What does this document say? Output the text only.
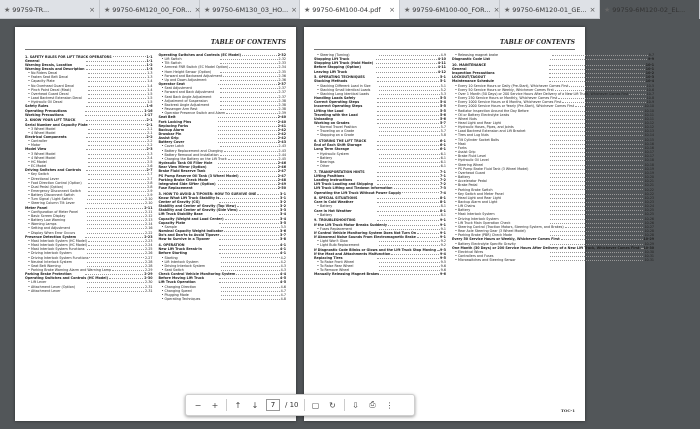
★ 99759-TR...	× ★ 99750-6M120_00_FOR... × ★ 99750-6M130_03_HO... × ★ 99750-6M100-04.pdf	× ★ 99759-6M100-00_FOR... × ★ 99750-6M120-01_GE... × ★ 99759-6M120-02_EL... ×
TABLE OF CONTENTS
1. SAFETY RULES FOR LIFT TRUCK OPERATORS	1-1
General	1-1
Warning Decals, Location	1-2
Warning Decals and Description	1-3
• No Riders Decal	1-3
• Fasten Seat Belt Decal	1-3
• Capacity Plate	1-4
• No Overhead Guard Decal	1-4
• Pinch Point Decal (Mast)	1-4
• Overhead Guard Decal	1-5
• Load Backrest Extension Decal	1-5
• Hydraulic Oil Decal	1-5
Safety Rules	1-6
Operating Precautions	1-16
Working Precautions	1-17
2. KNOW YOUR LIFT TRUCK	2-1
Serial Number and Capacity Plate	2-1
• 3 Wheel Model	2-1
• 4 Wheel Model	2-1
Electrical Components	2-2
• Controller	2-2
• Motor	2-2
Model View	2-3
• 3 Wheel Model	2-3
• 4 Wheel Model	2-4
• HC Model	2-5
• EC Model	2-6
Driving Switches and Controls	2-7
• Key Switch	2-7
• Directional Lever	2-7
• Foot Direction Control (Option)	2-8
• Dual Pedal (Option)	2-8
• Emergency Disconnect Switch	2-9
• Battery Disconnect Switch	2-9
• Turn Signal / Light Switch	2-10
• Steering Column Tilt Lever	2-10
Meter Panel	2-11
• Configuration of Meter Panel	2-11
• Basic Screen Display	2-12
• Battery Low Warning	2-13
• Warning Lamps	2-14
• Setting and Adjustment	2-16
• Display When Error Occurs	2-22
Presence Detection System	2-23
• Mast Interlock System (HC Model)	2-23
• Mast Interlock System (HC Model)	2-24
• Mast Interlock System Functions	2-25
• Driving Interlock System	2-26
• Driving Interlock System Functions	2-27
• Neutral Interlock System	2-28
• Seat Belt Warning	2-28
• Parking Brake Warning Alarm and Warning Lamp	2-29
Parking Brake Protection	2-29
Operating Switches and Controls (HC Model)	2-30
• Lift Lever	2-30
• Attachment Lever (Option)	2-31
• Attachment Lever	2-31
Operating Switches and Controls (EC Model)	2-32
• Lift Switch	2-32
• Tilt Switch	2-33
• Armrest FNR Switch (EC Model Option)	2-34
• Horn Height Sensor (Option)	2-35
• Forward and Backward Adjustment	2-36
• Up and Down Adjustment	2-36
Operator Seat	2-37
• Seat Adjustment	2-37
• Forward and Back Adjustment	2-37
• Seat Back Angle Adjustment	2-37
• Adjustment of Suspension	2-38
• Backrest Angle Adjustment	2-38
• Passenger Arm Rest	2-38
• Operator Presence Switch and Alarm	2-39
Seat Belt	2-40
Fork Locking Pins	2-40
Replacing Forks	2-41
Backup Alarm	2-42
Drawbar Pin	2-42
Assist Grip	2-42
Battery Cover	2-43
• Cover Latch	2-43
• Battery Replacement and Charging	2-43
• Battery Removal and Installation	2-44
• Charging the Battery on the Lift Truck	2-45
Hydraulic Tank Oil Filler Hole	2-46
Rear View Mirror (Option)	2-46
Brake Fluid Reserve Tank	2-47
PS Pump Reserve Oil Tank (3 Wheel Model)	2-47
Parking Brake Check Mode	2-48
Integrated Side Sifter (Option)	2-49
Fuse Replacement	2-50
3. HOW TO AVOID A TIPOVER: HOW TO SURVIVE ONE	3-1
Know What Lift Truck Stability Is	3-1
Center of Gravity (CG)	3-2
Stability and Center of Gravity (Top View)	3-2
Stability and Center of Gravity (Side View)	3-3
Lift Truck Stability Base	3-4
Capacity (Weight and Load Center)	3-4
Capacity Plate	3-5
• Sample	3-5
Nominal Capacity Weight Indicator	3-6
Do's and Don'ts to Avoid Tipover	3-7
How to Survive in a Tipover	3-8
4. OPERATION	4-1
New Lift Truck Break-In	4-1
Before Starting	4-1
• Starting	4-2
• Lift Interlock System	4-2
• Driving Interlock System	4-3
• Seat Switch	4-3
Check Control Vehicle Monitoring System	4-4
Before Moving Lift Truck	4-5
Lift Truck Operation	4-5
• Changing Direction	4-6
• Changing Speed	4-7
• Plugging Mode	4-7
• Operating Techniques	4-8
TABLE OF CONTENTS
• Steering (Turning)	4-9
Stopping Lift Truck	4-10
Stopping Lift Truck (Hold Mode)	4-11
Before Stopping (Option)	4-11
Leaving Lift Truck	4-12
5. OPERATING TECHNIQUES	5-1
Stacking Methods	5-1
• Stacking Different Load in Size	5-1
• Stacking Small Identical Loads	5-2
• Stacking Long Identical Loads	5-3
Handling Loads Safely	5-3
Correct Operating Steps	5-4
Incorrect Operating Steps	5-5
Lifting the Load	5-5
Traveling with the Load	5-6
Unloading	5-6
Working on Grades	5-7
• Normal Travel Position	5-7
• Traveling on a Grade	5-7
• Stopping on a Grade	5-8
6. STORING THE LIFT TRUCK	6-1
End of Each Shift Storage	6-1
Long Term Storage	6-1
• Hydraulic System	6-1
• Battery	6-1
• Bearings	6-1
• Other	6-1
7. TRANSPORTATION HINTS	7-1
Lifting Positions	7-1
Loading Instructions	7-2
Lift Truck Loading and Shipping	7-2
Lift Truck Lifting and Tiedown Information	7-3
Operating the Lift Truck Without Power Supply	7-4
8. SPECIAL SITUATIONS	8-1
Care in Cold Weather	8-1
• Battery	8-1
Care in Hot Weather	8-1
• Battery	8-1
9. TROUBLESHOOTING	9-1
If the Lift Truck Motor Breaks Suddenly	9-1
• Fuses Replacement	9-1
If Control Vehicle Monitoring System Does Not Turn On	9-1
If Abnormal Noise Sounds From Electromagnetic Brake	9-1
• Light Won't Glow	9-2
• Light Bulb Replacement	9-2
If Diagnostic Code Blinks or Glows and the Lift Truck Stop Moving 9-3
If the Mast and Attachments Malfunction	9-4
Replacing Tires	9-5
• To Raise Front Wheel	9-5
• To Raise Rear Wheel	9-6
• To Remove Wheel	9-6
Manually Releasing Magnet Brakes	9-6
• Releasing magnet brake	9-7
Diagnostic Code List	9-9
10. MAINTENANCE	10-1
General	10-1
Inspection Precautions	10-2
LOCKOUT/TAGOUT	10-3
Maintenance Schedule	10-4
• Every 10 Service Hours or Daily (Pre-Start), Whichever Comes First	10-5
• Every 50 Service Hours or Weekly, Whichever Comes First	10-6
• Over 1 Month (50 Days) or 200 Service Hours After Delivery of a New Lift Truck, Whichever Comes First	10-7
• Every 250 Service Hours or Monthly, Whichever Comes First	10-8
• Every 1000 Service Hours or 6 Months, Whichever Comes First	10-9
• Every 2000 Service Hours or Yearly (Pre-Start), Whichever Comes First	10-10
• Radiator Inspection Around the Day Before	10-10
• Oil or Battery Electrolyte Leaks	10-11
• Wheel Nuts	10-11
• Head Light and Rear Light	10-12
• Hydraulic Hoses, Pipes, and Joints	10-12
• Load Backrest Extension and Lift Bracket	10-13
• Tires and Lug Nuts	10-14
• Tilt Cylinder Socket Bolts	10-15
• Mast	10-16
• Forks	10-16
• Assist Grip	10-17
• Brake Fluid Level	10-17
• Hydraulic Oil Level	10-18
• Steering Wheel	10-18
• PS Pump Brake Fluid Tank (3 Wheel Model)	10-19
• Overhead Guard	10-19
• Battery	10-20
• Accelerator Pedal	10-21
• Brake Pedal	10-21
• Parking Brake Switch	10-22
• Key Switch and Meter Panel	10-22
• Head Light and Rear Light	10-23
• Backup Alarm and Light	10-23
• Lift Chains	10-24
• Battery	10-25
• Mast Interlock System	10-25
• Driving Interlock System	10-26
• Lift Truck Main Operation Check	10-26
• Steering Control (Traction Motors, Steering System, and Brakes)	10-27
• Rear Axle Steering Gear (3 Wheel Model)	10-28
• Parking Brake (PBR) Check Mode	10-28
Every 50 Service Hours or Weekly, Whichever Comes First	10-29
• Battery Electrolyte Specific Gravity	10-29
One Month (30 Days) or 200 Service Hours After Delivery of a New Lift Truck, Whichever Comes First 10-30
• Electrical Wires	10-30
• Controllers and Fuses	10-31
• Microswitches and Steering Sensor	10-31
TOC-1
−	+	↑	↓	7	/ 10 ▢	↻	⇩	⎙	⋮
